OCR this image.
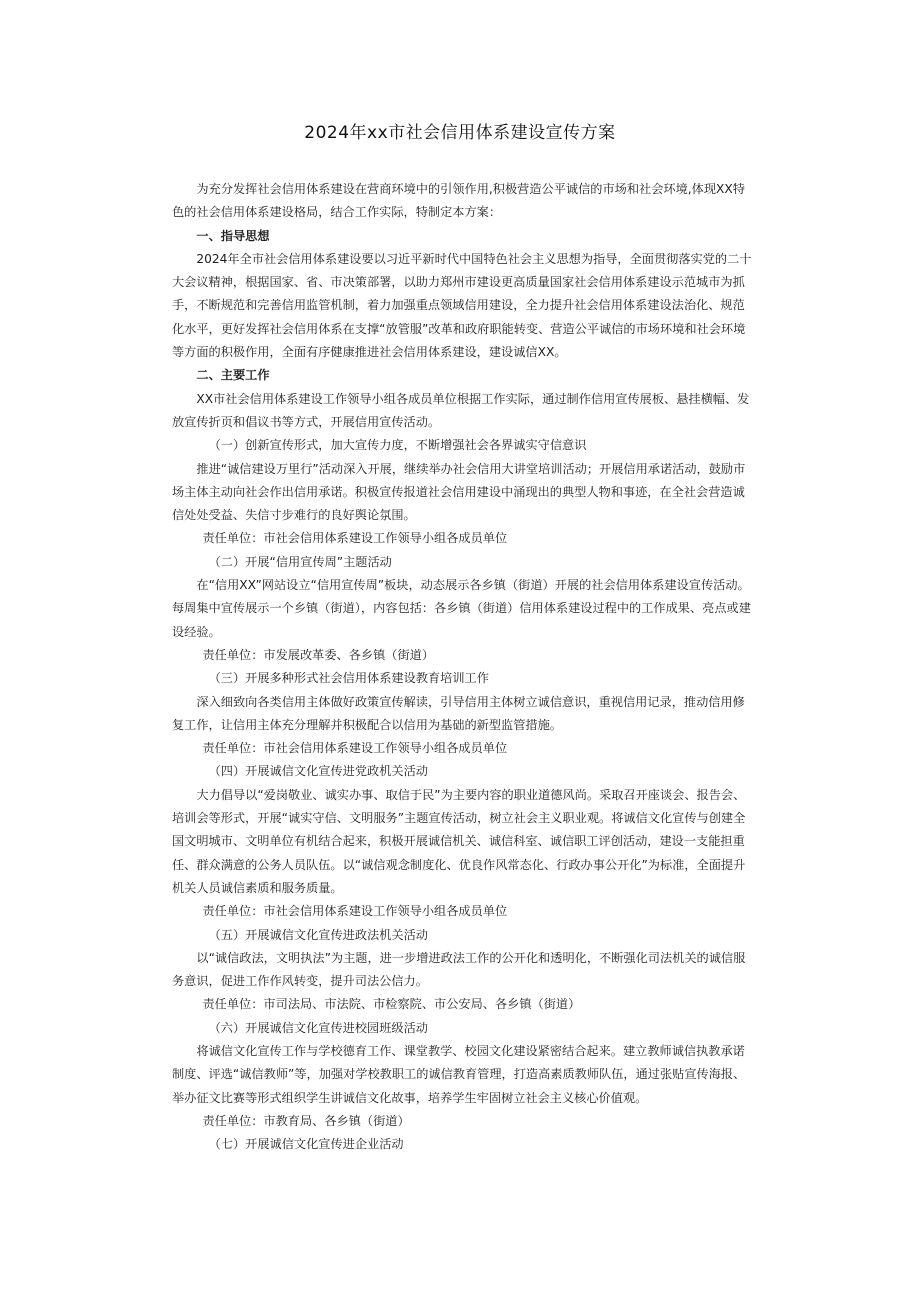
2024年xx市社会信用体系建设宣传方案

为充分发挥社会信用体系建设在营商环境中的引领作用,积极营造公平诚信的市场和社会环境,体现XX特色的社会信用体系建设格局，结合工作实际，特制定本方案：

一、指导思想

2024年全市社会信用体系建设要以习近平新时代中国特色社会主义思想为指导，全面贯彻落实党的二十大会议精神，根据国家、省、市决策部署，以助力郑州市建设更高质量国家社会信用体系建设示范城市为抓手，不断规范和完善信用监管机制，着力加强重点领域信用建设，全力提升社会信用体系建设法治化、规范化水平，更好发挥社会信用体系在支撑“放管服”改革和政府职能转变、营造公平诚信的市场环境和社会环境等方面的积极作用，全面有序健康推进社会信用体系建设，建设诚信XX。

二、主要工作

XX市社会信用体系建设工作领导小组各成员单位根据工作实际，通过制作信用宣传展板、悬挂横幅、发放宣传折页和倡议书等方式，开展信用宣传活动。

（一）创新宣传形式，加大宣传力度，不断增强社会各界诚实守信意识

推进“诚信建设万里行”活动深入开展，继续举办社会信用大讲堂培训活动；开展信用承诺活动，鼓励市场主体主动向社会作出信用承诺。积极宣传报道社会信用建设中涌现出的典型人物和事迹，在全社会营造诚信处处受益、失信寸步难行的良好舆论氛围。

责任单位：市社会信用体系建设工作领导小组各成员单位

（二）开展“信用宣传周”主题活动

在“信用XX”网站设立“信用宣传周”板块，动态展示各乡镇（街道）开展的社会信用体系建设宣传活动。每周集中宣传展示一个乡镇（街道），内容包括：各乡镇（街道）信用体系建设过程中的工作成果、亮点或建设经验。

责任单位：市发展改革委、各乡镇（街道）

（三）开展多种形式社会信用体系建设教育培训工作

深入细致向各类信用主体做好政策宣传解读，引导信用主体树立诚信意识，重视信用记录，推动信用修复工作，让信用主体充分理解并积极配合以信用为基础的新型监管措施。

责任单位：市社会信用体系建设工作领导小组各成员单位

（四）开展诚信文化宣传进党政机关活动

大力倡导以“爱岗敬业、诚实办事、取信于民”为主要内容的职业道德风尚。采取召开座谈会、报告会、培训会等形式，开展“诚实守信、文明服务”主题宣传活动，树立社会主义职业观。将诚信文化宣传与创建全国文明城市、文明单位有机结合起来，积极开展诚信机关、诚信科室、诚信职工评创活动，建设一支能担重任、群众满意的公务人员队伍。以“诚信观念制度化、优良作风常态化、行政办事公开化”为标准，全面提升机关人员诚信素质和服务质量。

责任单位：市社会信用体系建设工作领导小组各成员单位

（五）开展诚信文化宣传进政法机关活动

以“诚信政法，文明执法”为主题，进一步增进政法工作的公开化和透明化，不断强化司法机关的诚信服务意识，促进工作作风转变，提升司法公信力。

责任单位：市司法局、市法院、市检察院、市公安局、各乡镇（街道）

（六）开展诚信文化宣传进校园班级活动

将诚信文化宣传工作与学校德育工作、课堂教学、校园文化建设紧密结合起来。建立教师诚信执教承诺制度、评选“诚信教师”等，加强对学校教职工的诚信教育管理，打造高素质教师队伍，通过张贴宣传海报、举办征文比赛等形式组织学生讲诚信文化故事，培养学生牢固树立社会主义核心价值观。

责任单位：市教育局、各乡镇（街道）

（七）开展诚信文化宣传进企业活动
